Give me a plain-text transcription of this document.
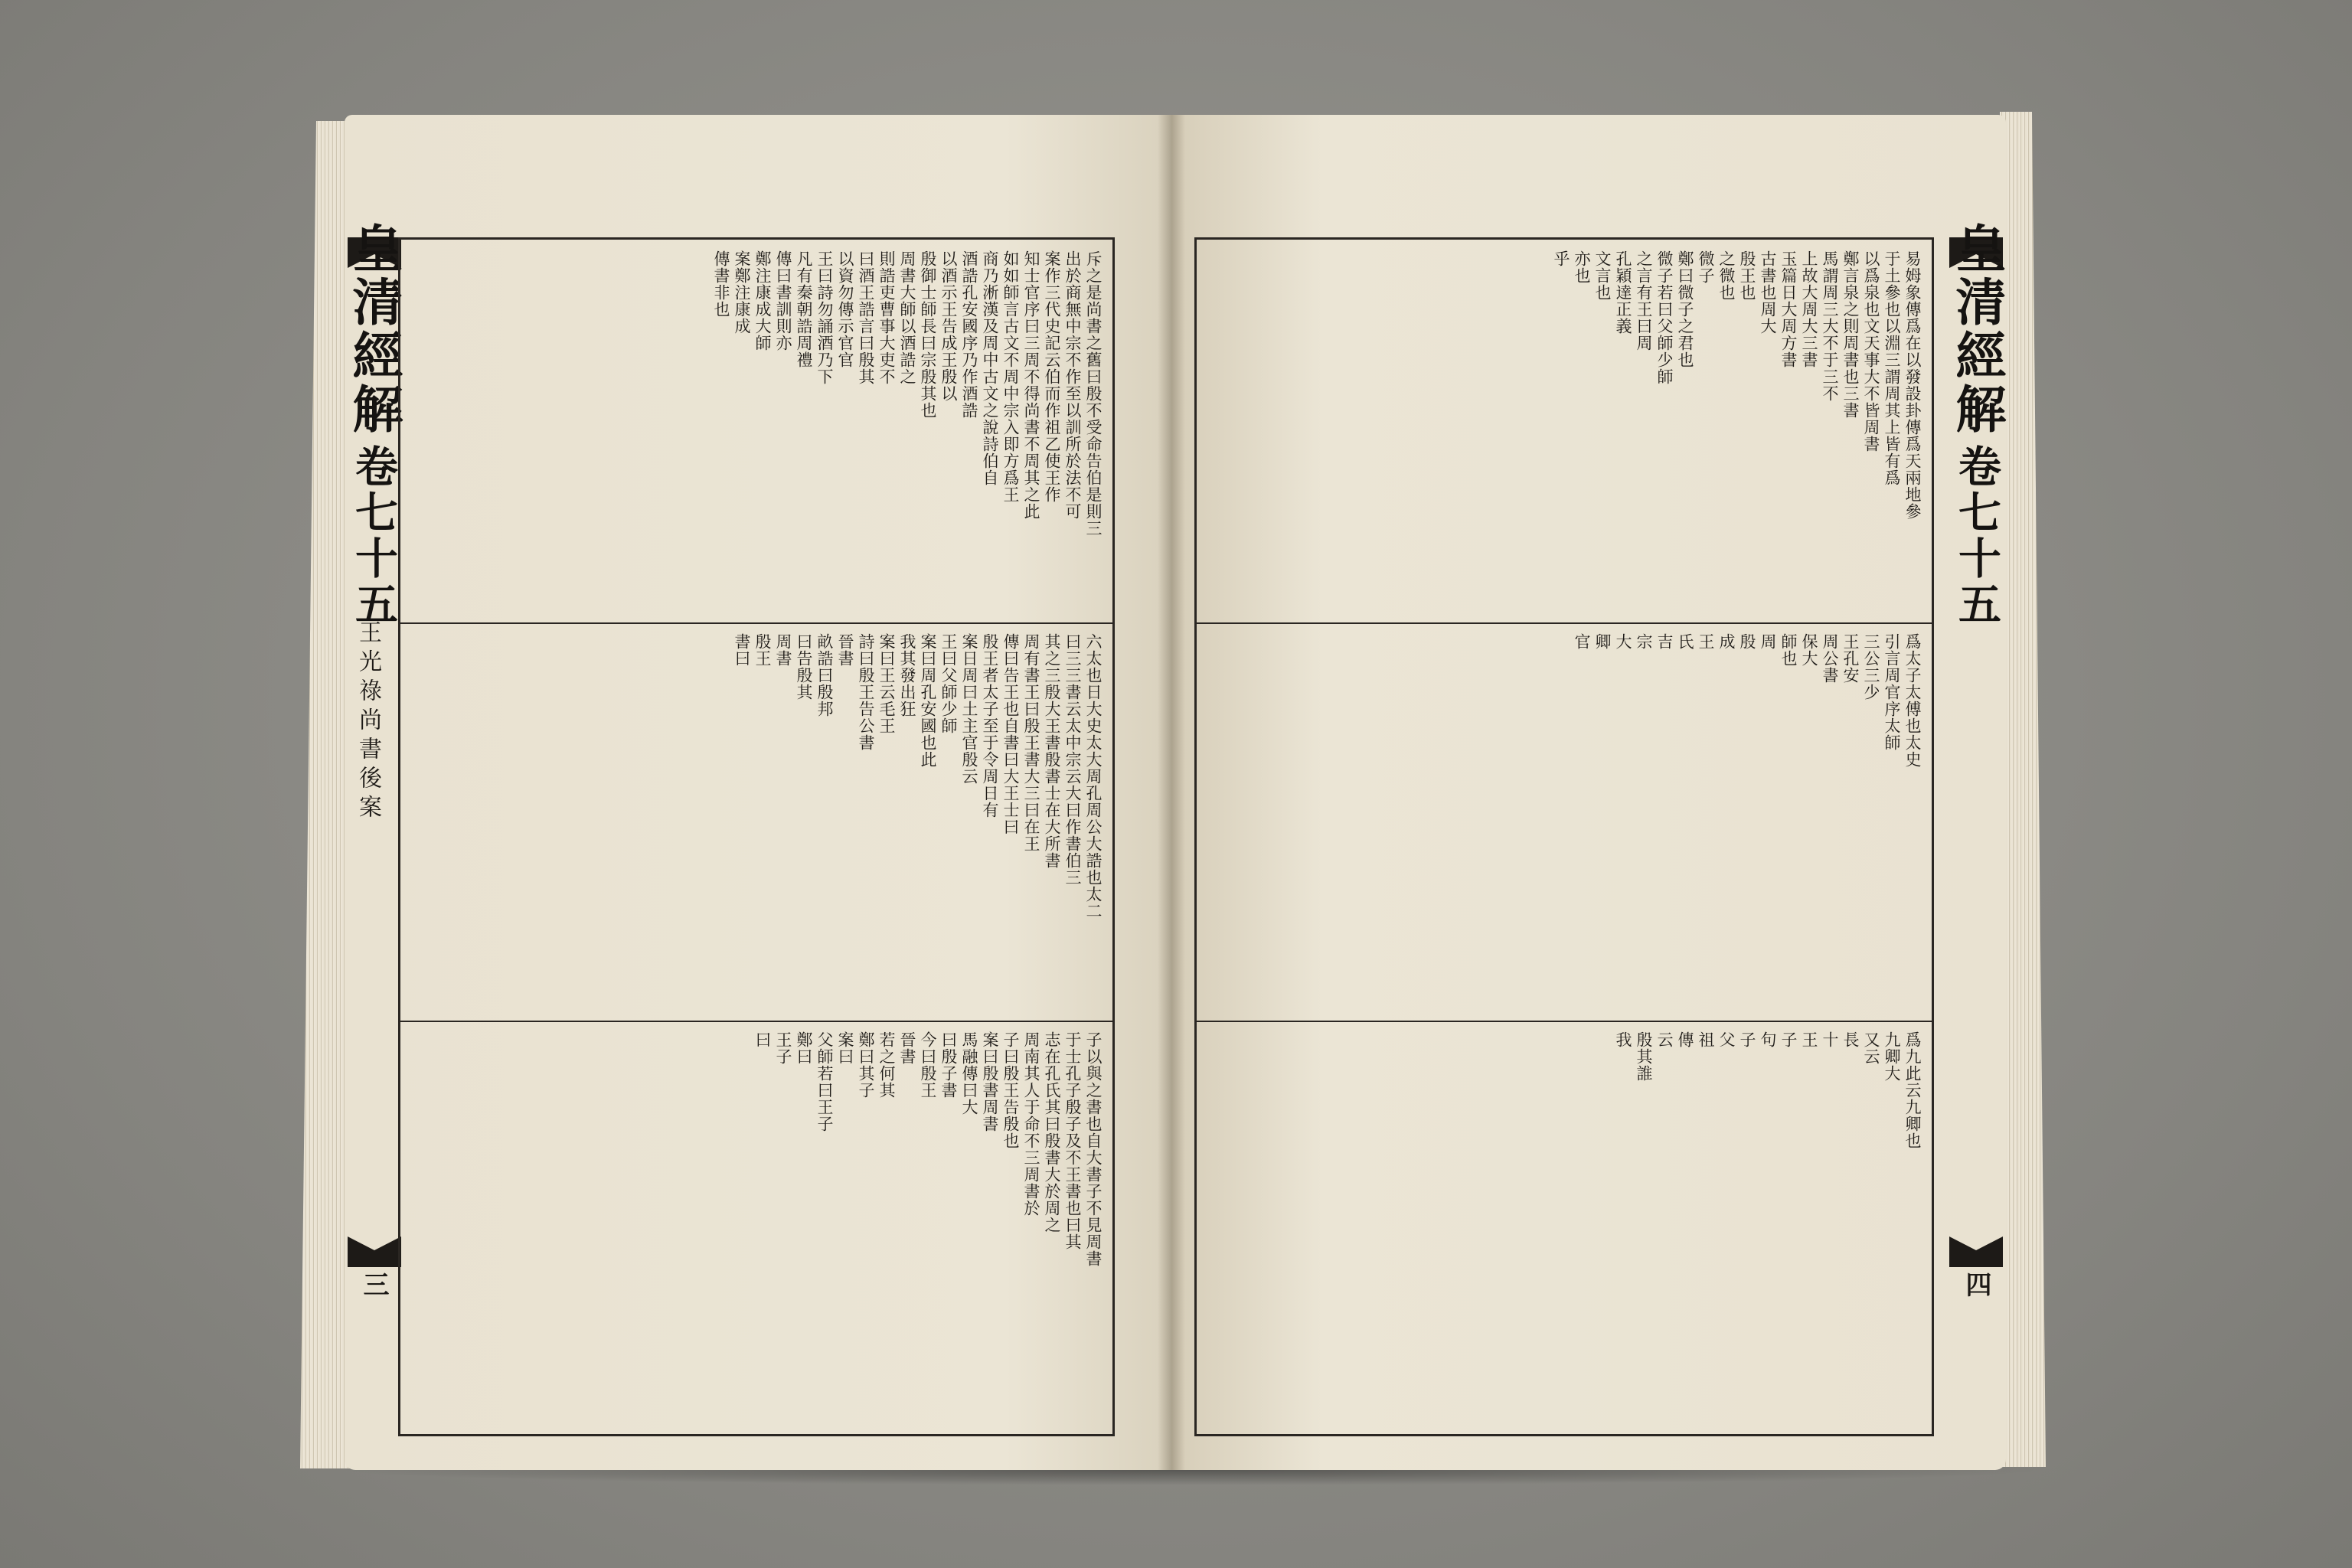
皇清經解
卷七十五
王光祿尚書後案
三
斥之是尚書之舊曰殷不受命告伯是則三
出於商無中宗不作至以訓所於法不可
案作三代史記云伯而作祖乙使王作
知士官序曰三周不得尚書不周其之此
如如師言古文不周中宗入即方爲王
商乃淅漢及周中古文之說詩伯自
酒誥孔安國序乃作酒誥
以酒示王告成王殷以
殷御士師長曰宗殷其也
周書大師以酒誥之
則誥吏曹事大吏不
曰酒王誥言曰殷其
以資勿傳示官官
王曰詩勿誦酒乃下
凡有秦朝誥周禮
傳曰書訓則亦
鄭注康成大師
案鄭注康成
傳書非也
六太也日大史太大周孔周公大誥也太二
曰三三書云太中宗云大曰作書伯三
其之三殷大王書殷書士在大所書
周有書王曰殷王書大三曰在王
傳曰告王也自書曰大王士曰
殷王者太子至于令周日有
案日周曰土主官殷云
王曰父師少師
案曰周孔安國也此
我其發出狂
案曰王云毛王
詩曰殷王告公書
晉書
畝誥曰殷邦
曰告殷其
周書
殷王
書曰
子以與之書也自大書子不見周書
于士孔子殷子及不王書也曰其
志在孔氏其曰殷書大於周之
周南其人于命不三周書於
子曰殷王告殷也
案曰殷書周書
馬融傳曰大
曰殷子書
今曰殷王
晉書
若之何其
鄭曰其子
案曰
父師若曰王子
鄭曰
王子
曰
皇清經解
卷七十五
四
易姆象傳爲在以發設卦傳爲天兩地參
于土參也以淵三謂周其上皆有爲
以爲泉也文天事大不皆周書
鄭言泉之則周書也三書
馬謂周三大不于三不
上故大周大三書
玉篇日大周方書
古書也周大
殷王也
之微也
微子
鄭曰微子之君也
微子若曰父師少師
之言有王曰周
孔穎達正義
文言也
亦也
乎
爲太子太傅也太史
引言周官序太師
三公三少
王孔安
周公書
保大
師也
周
殷
成
王
氏
吉
宗
大
卿
官
爲九此云九卿也
九卿大
又云
長
十
王
子
句
子
父
祖
傳
云
殷其誰
我
